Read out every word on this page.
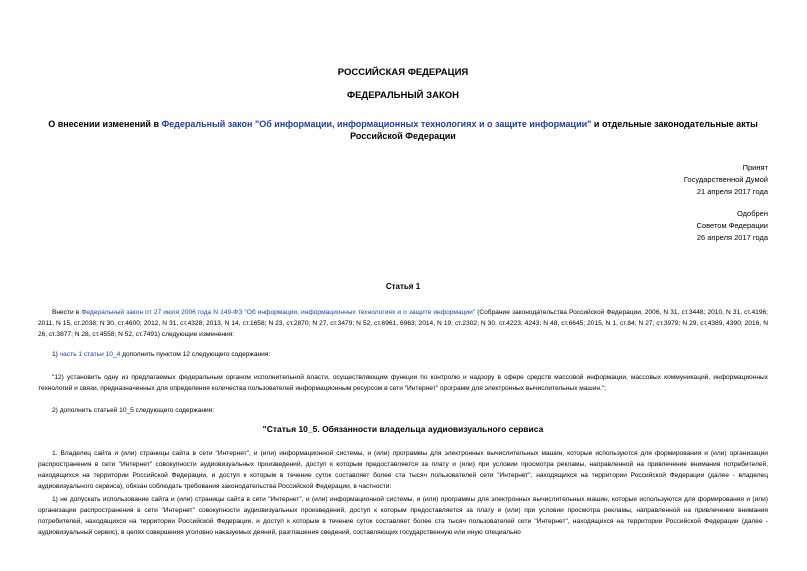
РОССИЙСКАЯ ФЕДЕРАЦИЯ
ФЕДЕРАЛЬНЫЙ ЗАКОН
О внесении изменений в Федеральный закон "Об информации, информационных технологиях и о защите информации" и отдельные законодательные акты Российской Федерации
Принят
Государственной Думой
21 апреля 2017 года
Одобрен
Советом Федерации
26 апреля 2017 года
Статья 1
Внести в Федеральный закон от 27 июля 2006 года N 149-ФЗ "Об информации, информационных технологиях и о защите информации" (Собрание законодательства Российской Федерации, 2006, N 31, ст.3448; 2010, N 31, ст.4196; 2011, N 15, ст.2038; N 30, ст.4600; 2012, N 31, ст.4328; 2013, N 14, ст.1658; N 23, ст.2870; N 27, ст.3479; N 52, ст.6961, 6963; 2014, N 19, ст.2302; N 30, ст.4223, 4243; N 48, ст.6645; 2015, N 1, ст.84; N 27, ст.3979; N 29, ст.4389, 4390; 2016, N 26, ст.3877; N 28, ст.4558; N 52, ст.7491) следующие изменения:
1) часть 1 статьи 10_4 дополнить пунктом 12 следующего содержания:
"12) установить одну из предлагаемых федеральным органом исполнительной власти, осуществляющим функции по контролю и надзору в сфере средств массовой информации, массовых коммуникаций, информационных технологий и связи, предназначенных для определения количества пользователей информационным ресурсом в сети "Интернет" программ для электронных вычислительных машин.";
2) дополнить статьей 10_5 следующего содержания:
"Статья 10_5. Обязанности владельца аудиовизуального сервиса
1. Владелец сайта и (или) страницы сайта в сети "Интернет", и (или) информационной системы, и (или) программы для электронных вычислительных машин, которые используются для формирования и (или) организации распространения в сети "Интернет" совокупности аудиовизуальных произведений, доступ к которым предоставляется за плату и (или) при условии просмотра рекламы, направленной на привлечение внимания потребителей, находящихся на территории Российской Федерации, и доступ к которым в течение суток составляет более ста тысяч пользователей сети "Интернет", находящихся на территории Российской Федерации (далее - владелец аудиовизуального сервиса), обязан соблюдать требования законодательства Российской Федерации, в частности:
1) не допускать использование сайта и (или) страницы сайта в сети "Интернет", и (или) информационной системы, и (или) программы для электронных вычислительных машин, которые используются для формирования и (или) организации распространения в сети "Интернет" совокупности аудиовизуальных произведений, доступ к которым предоставляется за плату и (или) при условии просмотра рекламы, направленной на привлечение внимания потребителей, находящихся на территории Российской Федерации, и доступ к которым в течение суток составляет более ста тысяч пользователей сети "Интернет", находящихся на территории Российской Федерации (далее - аудиовизуальный сервис), в целях совершения уголовно наказуемых деяний, разглашения сведений, составляющих государственную или иную специально
